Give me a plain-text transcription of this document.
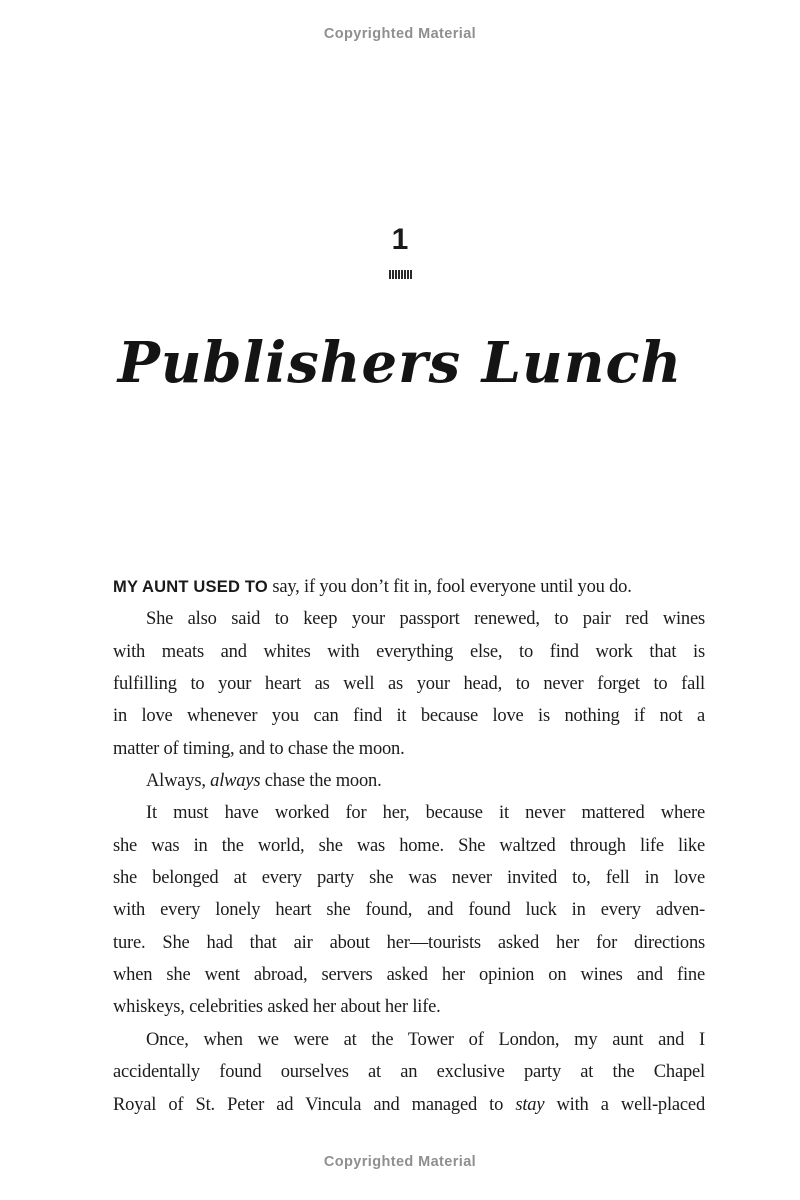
Copyrighted Material
1
Publishers Lunch
MY AUNT USED TO say, if you don’t fit in, fool everyone until you do.
She also said to keep your passport renewed, to pair red wines
with meats and whites with everything else, to find work that is
fulfilling to your heart as well as your head, to never forget to fall
in love whenever you can find it because love is nothing if not a
matter of timing, and to chase the moon.
Always, always chase the moon.
It must have worked for her, because it never mattered where
she was in the world, she was home. She waltzed through life like
she belonged at every party she was never invited to, fell in love
with every lonely heart she found, and found luck in every adven-
ture. She had that air about her—tourists asked her for directions
when she went abroad, servers asked her opinion on wines and fine
whiskeys, celebrities asked her about her life.
Once, when we were at the Tower of London, my aunt and I
accidentally found ourselves at an exclusive party at the Chapel
Royal of St. Peter ad Vincula and managed to stay with a well-placed
Copyrighted Material
